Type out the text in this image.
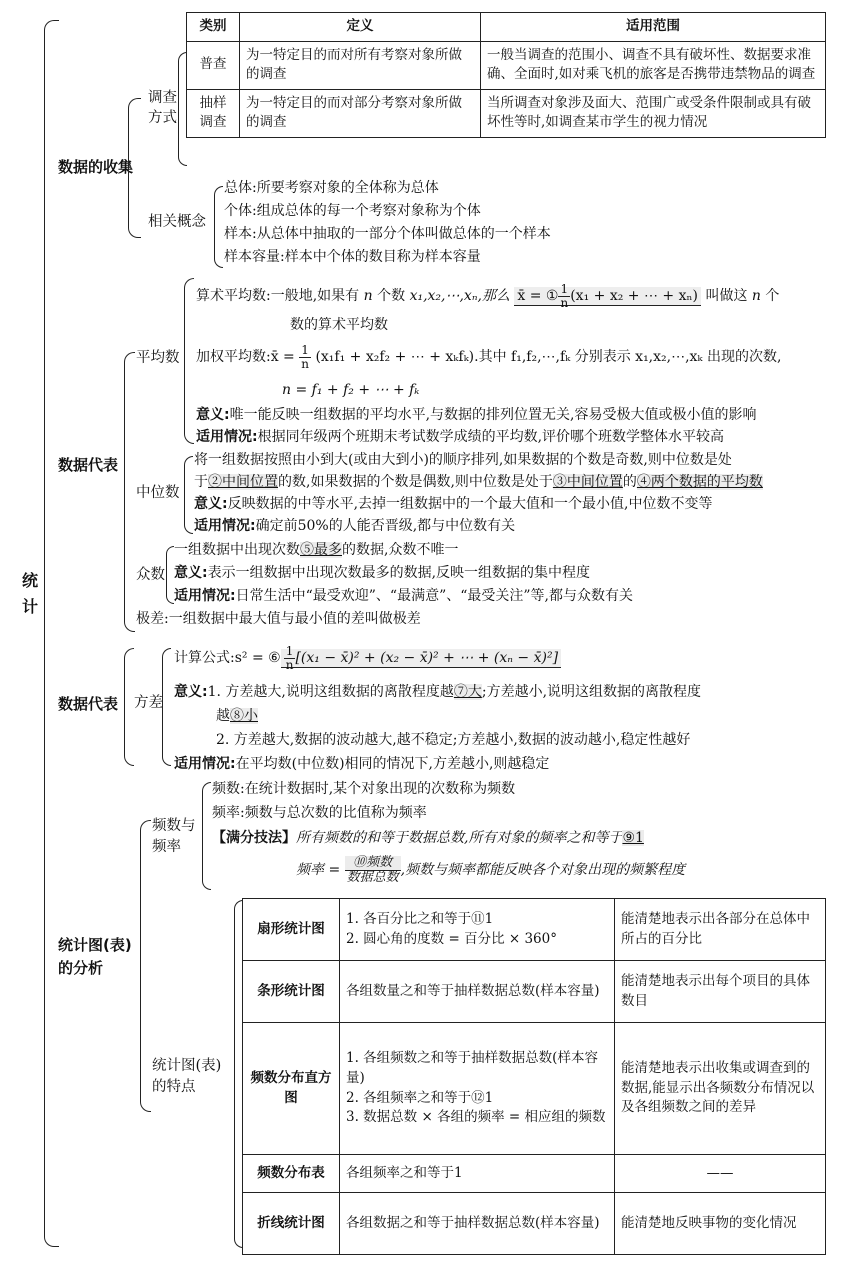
统计
数据的收集
调查方式
类别	定义	适用范围
普查	为一特定目的而对所有考察对象所做的调查	一般当调查的范围小、调查不具有破坏性、数据要求准确、全面时,如对乘飞机的旅客是否携带违禁物品的调查
抽样调查	为一特定目的而对部分考察对象所做的调查	当所调查对象涉及面大、范围广或受条件限制或具有破坏性等时,如调查某市学生的视力情况
相关概念
总体:所要考察对象的全体称为总体
个体:组成总体的每一个考察对象称为个体
样本:从总体中抽取的一部分个体叫做总体的一个样本
样本容量:样本中个体的数目称为样本容量
数据代表
平均数
算术平均数:一般地,如果有 n 个数 x₁,x₂,⋯,xₙ,那么 x̄ = ① $\frac{1}{n} (x_1 + x_2$ + ⋯ + xₙ) 叫做这 n 个
数的算术平均数
加权平均数:x̄ = $\frac{1}{n} (x_1f_1 + x_2f_2$ + ⋯ + xₖfₖ).其中 f₁,f₂,⋯,fₖ 分别表示 x₁,x₂,⋯,xₖ 出现的次数,
n = f₁ + f₂ + ⋯ + fₖ
意义:唯一能反映一组数据的平均水平,与数据的排列位置无关,容易受极大值或极小值的影响
适用情况:根据同年级两个班期末考试数学成绩的平均数,评价哪个班数学整体水平较高
中位数
将一组数据按照由小到大(或由大到小)的顺序排列,如果数据的个数是奇数,则中位数是处
于②中间位置的数,如果数据的个数是偶数,则中位数是处于③中间位置的④两个数据的平均数
意义:反映数据的中等水平,去掉一组数据中的一个最大值和一个最小值,中位数不变等
适用情况:确定前50%的人能否晋级,都与中位数有关
众数
一组数据中出现次数⑤最多的数据,众数不唯一
意义:表示一组数据中出现次数最多的数据,反映一组数据的集中程度
适用情况:日常生活中“最受欢迎”、“最满意”、“最受关注”等,都与众数有关
极差:一组数据中最大值与最小值的差叫做极差
数据代表 方差
计算公式:s² = ⑥ $\frac{1}{n} [(x_1$ − x̄)² + (x₂ − x̄)² + ⋯ + (xₙ − x̄)²]
意义:1. 方差越大,说明这组数据的离散程度越⑦大;方差越小,说明这组数据的离散程度
越⑧小
2. 方差越大,数据的波动越大,越不稳定;方差越小,数据的波动越小,稳定性越好
适用情况:在平均数(中位数)相同的情况下,方差越小,则越稳定
统计图(表)的分析
频数与频率
频数:在统计数据时,某个对象出现的次数称为频数
频率:频数与总次数的比值称为频率
【满分技法】所有频数的和等于数据总数,所有对象的频率之和等于⑨1
频率 = $\frac{\text{⑩频数}}{\text{数据总数}}$ ,频数与频率都能反映各个对象出现的频繁程度
统计图(表)的特点
扇形统计图	1. 各百分比之和等于⑪1
2. 圆心角的度数 = 百分比 × 360°	能清楚地表示出各部分在总体中所占的百分比
条形统计图	各组数量之和等于抽样数据总数(样本容量)	能清楚地表示出每个项目的具体数目
频数分布直方图	1. 各组频数之和等于抽样数据总数(样本容量)
2. 各组频率之和等于⑫1
3. 数据总数 × 各组的频率 = 相应组的频数	能清楚地表示出收集或调查到的数据,能显示出各频数分布情况以及各组频数之间的差异
频数分布表	各组频率之和等于1	——
折线统计图	各组数据之和等于抽样数据总数(样本容量)	能清楚地反映事物的变化情况
